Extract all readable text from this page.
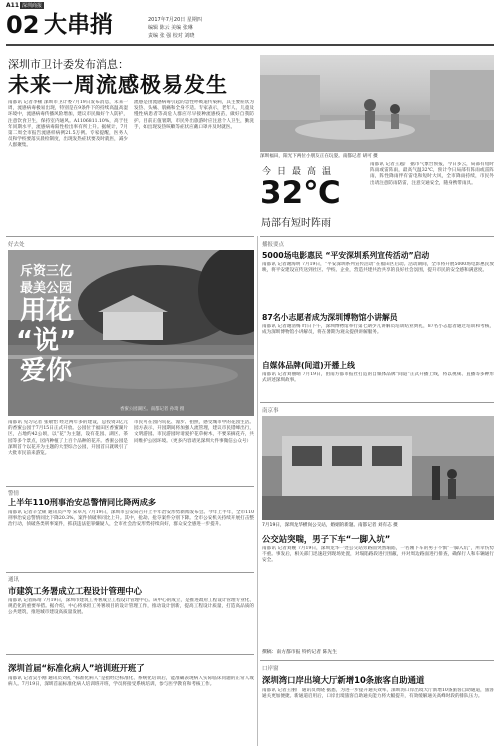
A11 深圳商报
02 大串捎	2017年7月20日 星期四
编辑 陈云 美编 张琳
责编 张 强 校对 刘晓
深圳市卫计委发布消息：
未来一周流感极易发生
南都讯 记者李顿 深圳市卫计委7月19日发布消息，未来一周，流感病毒极易出现，特别是在9条件下的持续高温高湿环境中，流感病毒传播风险增加，建议市民做好个人防护，注意饮食卫生，保持室内通风。A1106811.10%，高于往年同期水平，流感病毒阳性检出率有所上升。据统计，7月第二周全市报告流感样病例21.5万例。专家提醒，医务人员和学校要落实晨检制度，出现发热症状要及时就医，减少人群聚集。
流感是由流感病毒引起的急性呼吸道传染病，其主要症状为发热、头痛、肌痛和全身不适。专家表示，老年人、儿童及慢性病患者等高危人群应尽早接种流感疫苗，做好自我防护。目前正值暑期，市民外出旅游时应注意个人卫生，勤洗手，如出现发热咳嗽等症状应戴口罩并及时就医。
深圳福田，阳光下两位小朋友正在玩耍。南都记者 胡可 摄
今日最高温
32℃
局部有短时阵雨
南都讯 记者王越广 据市气象台预报，今日多云，局部有短时阵雨或雷阵雨，最高气温32℃，预计今日局部有阵雨或雷阵雨，阵性降雨伴有雷电和短时大风，全市降雨持续，市民外出请注意防雨防雷，注意交通安全，随身携带雨具。
好去处
斥资三亿
最美公园
用花
“说”
爱你
香蜜公园湖区。南都记者 孙琦 摄
南都讯 见习记者 张敬怡 经过两年多的建设，总投资3亿元的香蜜公园于7月15日正式开放。公园位于福田区香蜜湖片区，占地约42公顷，以“花”为主题，设有花园、湖区、茶园等多个景点，园内种植了上百个品种的花卉。香蜜公园是深圳首个以花卉为主题的大型综合公园，开园首日就吸引了大批市民前来游览。
市民可在园内赏花、漫步、拍照，感受城市中的花园生活。园方表示，开园期间将加强人流管理，建议市民错峰出行，文明游园。市民游园时请爱护花草树木，不要采摘花卉，共同维护公园环境。（更多内容请见深圳大件事微信公众号）
警情
上半年110刑事治安总警情同比降两成多
南都讯 记者辛全硕 通讯员卢琴 宋卓凡 7月19日，深圳市公安局召开上半年治安形势新闻发布会。今年上半年，全市110刑事治安总警情同比下降20.3%，案件侦破率同比上升。其中，抢劫、抢夺案件分别下降。全市公安机关持续开展打击整治行动，侦破各类刑事案件，抓获违法犯罪嫌疑人，全市社会治安形势持续向好，群众安全感进一步提升。
通讯
市建筑工务署成立工程设计管理中心
南都讯 记者陈靖 7月19日，深圳市建筑工务署成立工程设计管理中心。该中心的成立，是推进政府工程设计管理专业化、规范化的重要举措。据介绍，中心将承担工务署项目的设计管理工作，推动设计创新，提高工程设计质量，打造高品质的公共建筑，推进城市建设高质量发展。
深圳首届“标准化病人”培训班开班了
南都讯 记者吴小刚 通讯员刘礼 “标准化病人”是指经过标准化、系统化培训后，能准确表现病人实际临床问题的正常人或病人。7月19日，深圳首届标准化病人培训班开班，学员将接受系统培训，参与医学教育和考核工作。
播报要点
5000场电影惠民 “平安深圳系列宣传活动”启动
南都讯 记者谢海明 7月19日，“平安深圳系列宣传活动”在福田区启动。活动期间，全市将开展5000场电影惠民放映，将平安建设宣传送到社区、学校、企业，营造共建共治共享的良好社会氛围，提升市民的安全感和满意度。
87名小志愿者成为深圳博物馆小讲解员
南都讯 记者谢清梅 昨日下午，深圳博物馆举行第七期少儿讲解员培训结业典礼，87名小志愿者通过培训和考核，成为深圳博物馆小讲解员，将在暑期为观众提供讲解服务。
自媒体品牌(间道)开播上线
南都讯 记者刘丽晴 7月19日，由南方都市报社打造的自媒体品牌“间道”正式开播上线，将以视频、直播等多种形式讲述深圳故事。
南京事
7月19日，深圳龙华横岗公交站，婚姻的新题。南都记者 刘有志 摄
公交站突喘，男子下车“一脚入坑”
南都讯 记者刘婉 7月19日，深圳龙华一处公交站旁路面突然塌陷，一名刚下车的男子不慎“一脚入坑”，所幸伤势不重。事发后，相关部门迅速赶到现场处置，对塌陷路段进行围蔽，并对周边路面进行排查，确保行人和车辆通行安全。
撰稿：南方都市报 特约记者 陈先生
口岸窗
深圳湾口岸出境大厅新增10条旅客自助通道
南都讯 记者王丽广 通讯员黄晓 据悉，为进一步提升通关效率，深圳湾口岸出境大厅新增10条旅客自助通道，旅客通关更加便捷。新通道启用后，口岸出境旅客自助通关能力将大幅提升，有效缓解通关高峰时段的排队压力。
